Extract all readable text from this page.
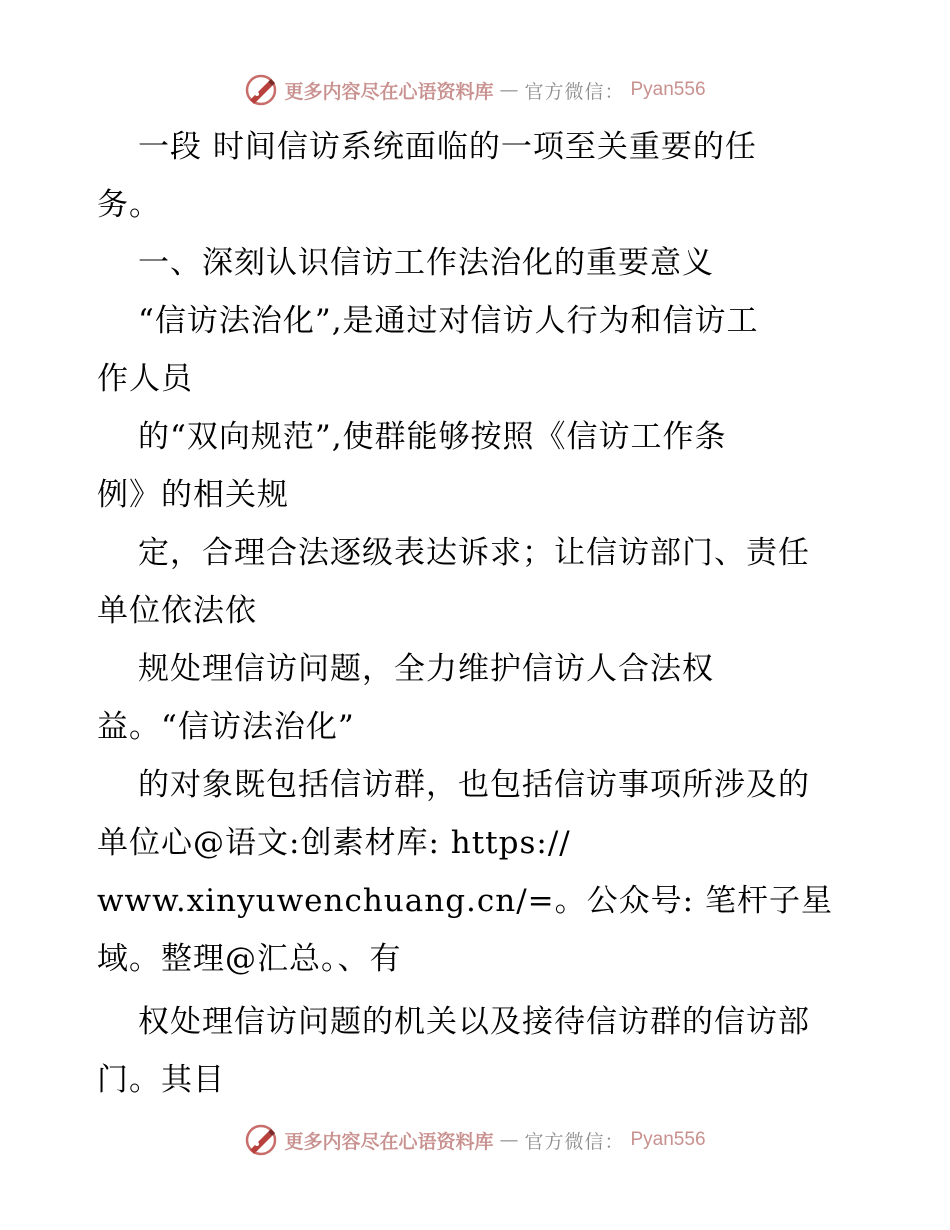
更多内容尽在心语资料库 — 官方微信： Pyan556
一段 时间信访系统面临的一项至关重要的任
务。
一、深刻认识信访工作法治化的重要意义
“信访法治化”,是通过对信访人行为和信访工
作人员
的“双向规范”,使群能够按照《信访工作条
例》的相关规
定，合理合法逐级表达诉求；让信访部门、责任
单位依法依
规处理信访问题，全力维护信访人合法权
益。“信访法治化”
的对象既包括信访群，也包括信访事项所涉及的
单位心@语文:创素材库: https://
www.xinyuwenchuang.cn/=。公众号: 笔杆子星
域。整理@汇总。、有
权处理信访问题的机关以及接待信访群的信访部
门。其目
更多内容尽在心语资料库 — 官方微信： Pyan556
